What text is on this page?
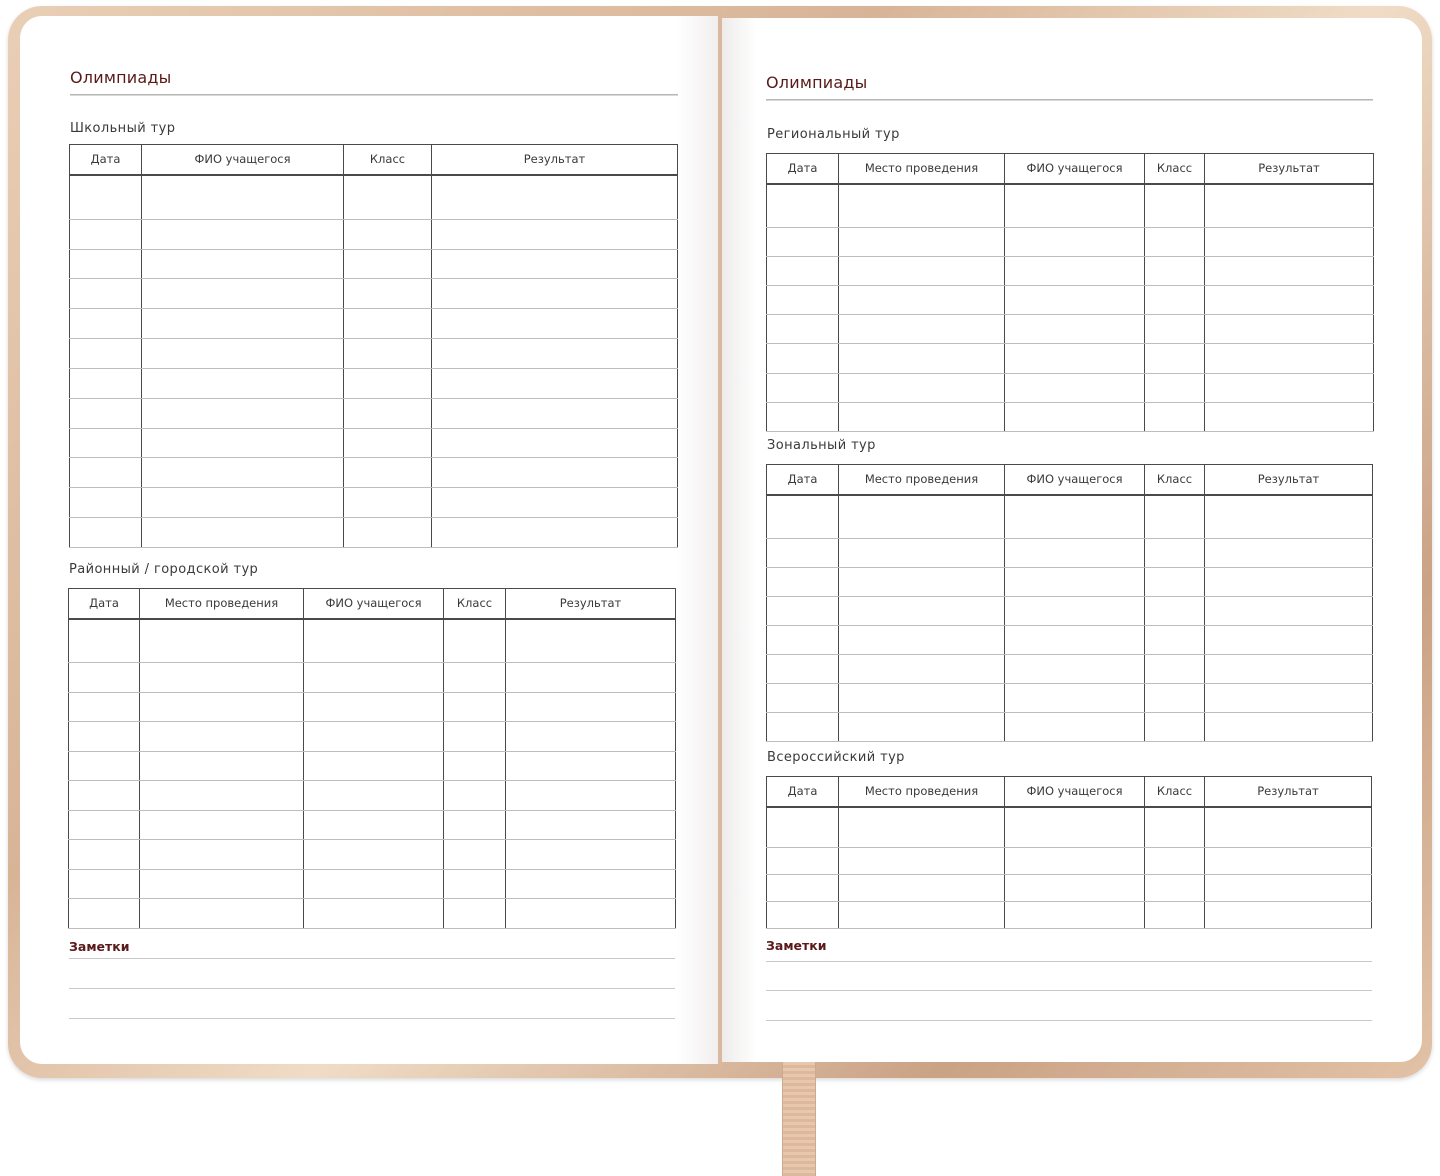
Олимпиады
Школьный тур
Дата	ФИО учащегося	Класс	Результат

Районный / городской тур
Дата	Место проведения	ФИО учащегося	Класс	Результат

Заметки
Олимпиады
Региональный тур
Дата	Место проведения	ФИО учащегося	Класс	Результат

Зональный тур
Дата	Место проведения	ФИО учащегося	Класс	Результат

Всероссийский тур
Дата	Место проведения	ФИО учащегося	Класс	Результат

Заметки
